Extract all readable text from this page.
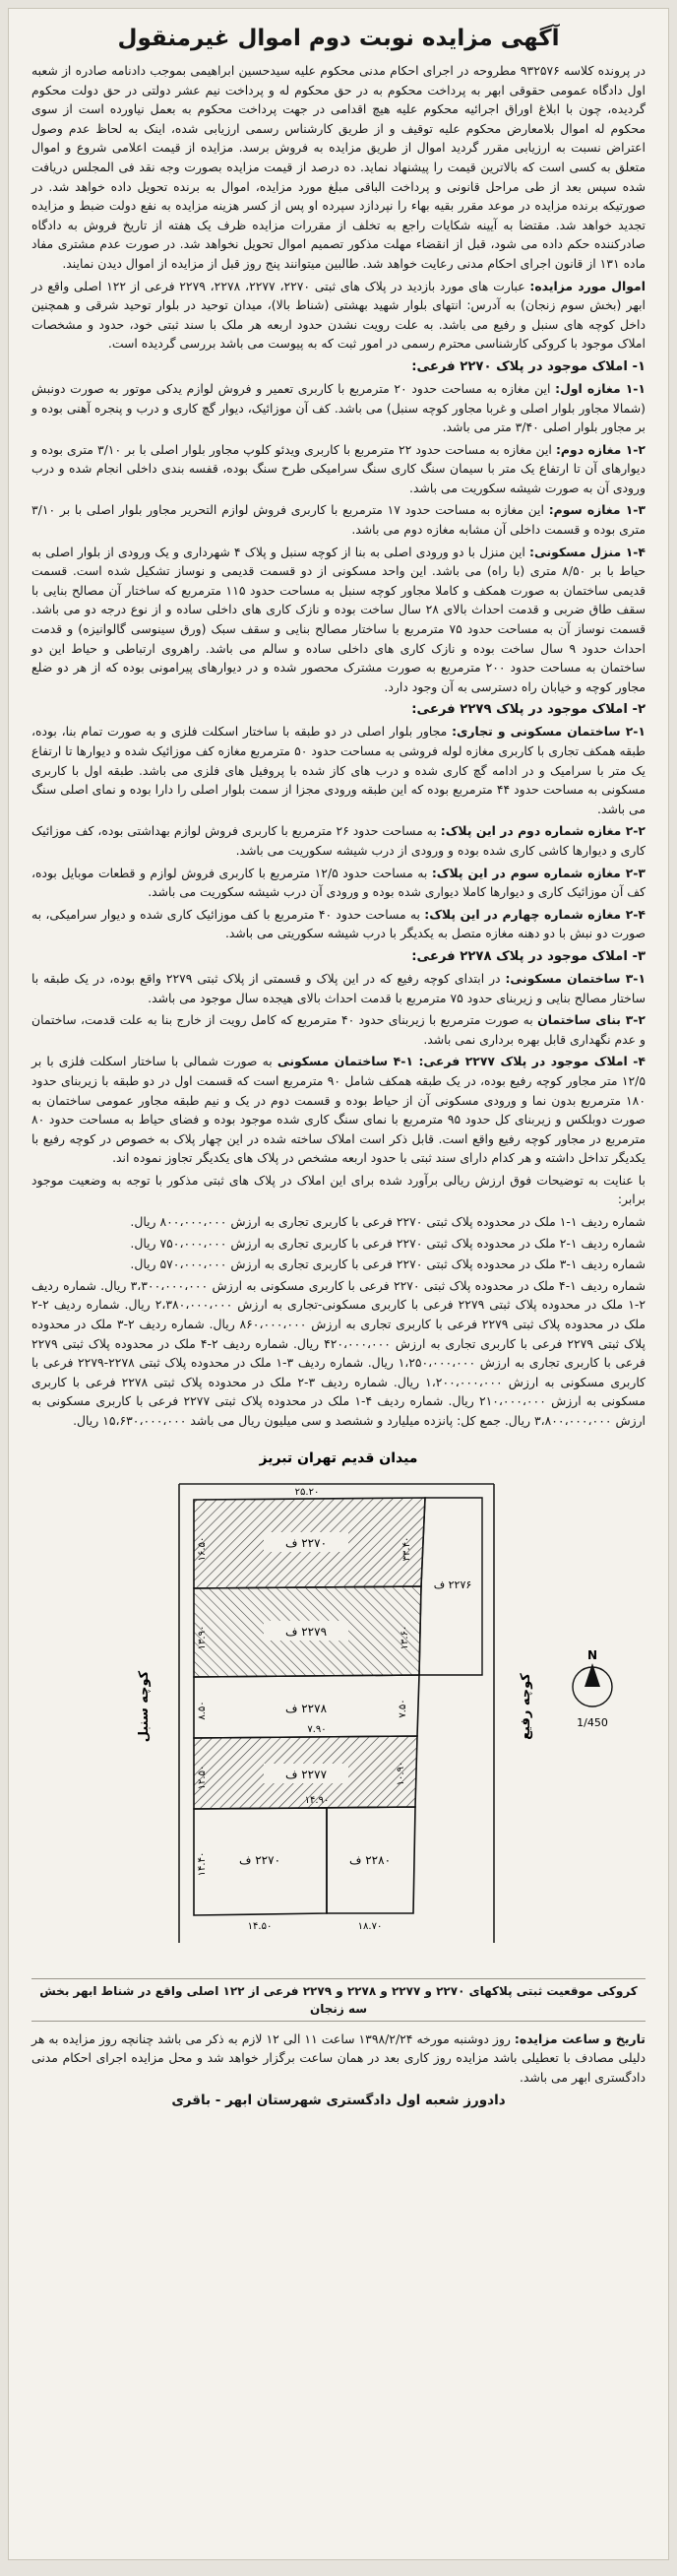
آگهی مزایده نوبت دوم اموال غیرمنقول

در پرونده کلاسه ۹۳۲۵۷۶ مطروحه در اجرای احکام مدنی محکوم علیه سیدحسین ابراهیمی بموجب دادنامه صادره از شعبه اول دادگاه عمومی حقوقی ابهر به پرداخت محکوم به در حق محکوم له و پرداخت نیم عشر دولتی در حق دولت محکوم گردیده، چون با ابلاغ اوراق اجرائیه محکوم علیه هیچ اقدامی در جهت پرداخت محکوم به بعمل نیاورده است از سوی محکوم له اموال بلامعارض محکوم علیه توقیف و از طریق کارشناس رسمی ارزیابی شده، اینک به لحاظ عدم وصول اعتراض نسبت به ارزیابی مقرر گردید اموال از طریق مزایده به فروش برسد. مزایده از قیمت اعلامی شروع و اموال متعلق به کسی است که بالاترین قیمت را پیشنهاد نماید. ده درصد از قیمت مزایده بصورت وجه نقد فی المجلس دریافت شده سپس بعد از طی مراحل قانونی و پرداخت الباقی مبلغ مورد مزایده، اموال به برنده تحویل داده خواهد شد. در صورتیکه برنده مزایده در موعد مقرر بقیه بهاء را نپردازد سپرده او پس از کسر هزینه مزایده به نفع دولت ضبط و مزایده تجدید خواهد شد. مقتضا به آیینه شکایات راجع به تخلف از مقررات مزایده ظرف یک هفته از تاریخ فروش به دادگاه صادرکننده حکم داده می شود، قبل از انقضاء مهلت مذکور تصمیم اموال تحویل نخواهد شد. در صورت عدم مشتری مفاد ماده ۱۳۱ از قانون اجرای احکام مدنی رعایت خواهد شد. طالبین میتوانند پنج روز قبل از مزایده از اموال دیدن نمایند.

اموال مورد مزایده: عبارت های مورد بازدید در پلاک های ثبتی ۲۲۷۰، ۲۲۷۷، ۲۲۷۸، ۲۲۷۹ فرعی از ۱۲۲ اصلی واقع در ابهر (بخش سوم زنجان) به آدرس: انتهای بلوار شهید بهشتی (شناط بالا)، میدان توحید در بلوار توحید شرقی و همچنین داخل کوچه های سنبل و رفیع می باشد. به علت رویت نشدن حدود اربعه هر ملک با سند ثبتی خود، حدود و مشخصات املاک موجود با کروکی کارشناسی محترم رسمی در امور ثبت که به پیوست می باشد بررسی گردیده است.

۱- املاک موجود در پلاک ۲۲۷۰ فرعی:

۱-۱ مغازه اول: این مغازه به مساحت حدود ۲۰ مترمربع با کاربری تعمیر و فروش لوازم یدکی موتور به صورت دونبش (شمالا مجاور بلوار اصلی و غربا مجاور کوچه سنبل) می باشد. کف آن موزائیک، دیوار گچ کاری و درب و پنجره آهنی بوده و بر مجاور بلوار اصلی ۳/۴۰ متر می باشد.

۱-۲ مغازه دوم: این مغازه به مساحت حدود ۲۲ مترمربع با کاربری ویدئو کلوپ مجاور بلوار اصلی با بر ۳/۱۰ متری بوده و دیوارهای آن تا ارتفاع یک متر با سیمان سنگ کاری سنگ سرامیکی طرح سنگ بوده، قفسه بندی داخلی انجام شده و درب ورودی آن به صورت شیشه سکوریت می باشد.

۱-۳ مغازه سوم: این مغازه به مساحت حدود ۱۷ مترمربع با کاربری فروش لوازم التحریر مجاور بلوار اصلی با بر ۳/۱۰ متری بوده و قسمت داخلی آن مشابه مغازه دوم می باشد.

۱-۴ منزل مسکونی: این منزل با دو ورودی اصلی به بنا از کوچه سنبل و پلاک ۴ شهرداری و یک ورودی از بلوار اصلی به حیاط با بر ۸/۵۰ متری (با راه) می باشد. این واحد مسکونی از دو قسمت قدیمی و نوساز تشکیل شده است. قسمت قدیمی ساختمان به صورت همکف و کاملا مجاور کوچه سنبل به مساحت حدود ۱۱۵ مترمربع که ساختار آن مصالح بنایی با سقف طاق ضربی و قدمت احداث بالای ۲۸ سال ساخت بوده و نازک کاری های داخلی ساده و از نوع درجه دو می باشد. قسمت نوساز آن به مساحت حدود ۷۵ مترمربع با ساختار مصالح بنایی و سقف سبک (ورق سینوسی گالوانیزه) و قدمت احداث حدود ۹ سال ساخت بوده و نازک کاری های داخلی ساده و سالم می باشد. راهروی ارتباطی و حیاط این دو ساختمان به مساحت حدود ۲۰۰ مترمربع به صورت مشترک محصور شده و در دیوارهای پیرامونی بوده که از هر دو ضلع مجاور کوچه و خیابان راه دسترسی به آن وجود دارد.

۲- املاک موجود در پلاک ۲۲۷۹ فرعی:

۲-۱ ساختمان مسکونی و تجاری: مجاور بلوار اصلی در دو طبقه با ساختار اسکلت فلزی و به صورت تمام بنا، بوده، طبقه همکف تجاری با کاربری مغازه لوله فروشی به مساحت حدود ۵۰ مترمربع مغازه کف موزائیک شده و دیوارها تا ارتفاع یک متر با سرامیک و در ادامه گچ کاری شده و درب های کاز شده با پروفیل های فلزی می باشد. طبقه اول با کاربری مسکونی به مساحت حدود ۴۴ مترمربع بوده که این طبقه ورودی مجزا از سمت بلوار اصلی را دارا بوده و نمای اصلی سنگ می باشد.

۲-۲ مغازه شماره دوم در این پلاک: به مساحت حدود ۲۶ مترمربع با کاربری فروش لوازم بهداشتی بوده، کف موزائیک کاری و دیوارها کاشی کاری شده بوده و ورودی از درب شیشه سکوریت می باشد.

۲-۳ مغازه شماره سوم در این پلاک: به مساحت حدود ۱۲/۵ مترمربع با کاربری فروش لوازم و قطعات موبایل بوده، کف آن موزائیک کاری و دیوارها کاملا دیواری شده بوده و ورودی آن درب شیشه سکوریت می باشد.

۲-۴ مغازه شماره چهارم در این پلاک: به مساحت حدود ۴۰ مترمربع با کف موزائیک کاری شده و دیوار سرامیکی، به صورت دو نبش با دو دهنه مغازه متصل به یکدیگر با درب شیشه سکوریتی می باشد.

۳- املاک موجود در پلاک ۲۲۷۸ فرعی:

۳-۱ ساختمان مسکونی: در ابتدای کوچه رفیع که در این پلاک و قسمتی از پلاک ثبتی ۲۲۷۹ واقع بوده، در یک طبقه با ساختار مصالح بنایی و زیربنای حدود ۷۵ مترمربع با قدمت احداث بالای هیجده سال موجود می باشد.

۳-۲ بنای ساختمان به صورت مترمربع با زیربنای حدود ۴۰ مترمربع که کامل رویت از خارج بنا به علت قدمت، ساختمان و عدم نگهداری قابل بهره برداری نمی باشد.

۴- املاک موجود در پلاک ۲۲۷۷ فرعی: ۱-۴ ساختمان مسکونی به صورت شمالی با ساختار اسکلت فلزی با بر ۱۲/۵ متر مجاور کوچه رفیع بوده، در یک طبقه همکف شامل ۹۰ مترمربع است که قسمت اول در دو طبقه با زیربنای حدود ۱۸۰ مترمربع بدون نما و ورودی مسکونی آن از حیاط بوده و قسمت دوم در یک و نیم طبقه مجاور عمومی ساختمان به صورت دوبلکس و زیربنای کل حدود ۹۵ مترمربع با نمای سنگ کاری شده موجود بوده و فضای حیاط به مساحت حدود ۸۰ مترمربع در مجاور کوچه رفیع واقع است. قابل ذکر است املاک ساخته شده در این چهار پلاک به خصوص در کوچه رفیع با یکدیگر تداخل داشته و هر کدام دارای سند ثبتی با حدود اربعه مشخص در پلاک های یکدیگر تجاوز نموده اند.

با عنایت به توضیحات فوق ارزش ریالی برآورد شده برای این املاک در پلاک های ثبتی مذکور با توجه به وضعیت موجود برابر:

شماره ردیف ۱-۱ ملک در محدوده پلاک ثبتی ۲۲۷۰ فرعی با کاربری تجاری به ارزش ۸۰۰،۰۰۰،۰۰۰ ریال.
شماره ردیف ۱-۲ ملک در محدوده پلاک ثبتی ۲۲۷۰ فرعی با کاربری تجاری به ارزش ۷۵۰،۰۰۰،۰۰۰ ریال.
شماره ردیف ۱-۳ ملک در محدوده پلاک ثبتی ۲۲۷۰ فرعی با کاربری تجاری به ارزش ۵۷۰،۰۰۰،۰۰۰ ریال.
شماره ردیف ۱-۴ ملک در محدوده پلاک ثبتی ۲۲۷۰ فرعی با کاربری مسکونی به ارزش ۳،۳۰۰،۰۰۰،۰۰۰ ریال. شماره ردیف ۲-۱ ملک در محدوده پلاک ثبتی ۲۲۷۹ فرعی با کاربری مسکونی-تجاری به ارزش ۲،۳۸۰،۰۰۰،۰۰۰ ریال. شماره ردیف ۲-۲ ملک در محدوده پلاک ثبتی ۲۲۷۹ فرعی با کاربری تجاری به ارزش ۸۶۰،۰۰۰،۰۰۰ ریال. شماره ردیف ۲-۳ ملک در محدوده پلاک ثبتی ۲۲۷۹ فرعی با کاربری تجاری به ارزش ۴۲۰،۰۰۰،۰۰۰ ریال. شماره ردیف ۲-۴ ملک در محدوده پلاک ثبتی ۲۲۷۹ فرعی با کاربری تجاری به ارزش ۱،۲۵۰،۰۰۰،۰۰۰ ریال. شماره ردیف ۳-۱ ملک در محدوده پلاک ثبتی ۲۲۷۸-۲۲۷۹ فرعی با کاربری مسکونی به ارزش ۱،۲۰۰،۰۰۰،۰۰۰ ریال. شماره ردیف ۳-۲ ملک در محدوده پلاک ثبتی ۲۲۷۸ فرعی با کاربری مسکونی به ارزش ۲۱۰،۰۰۰،۰۰۰ ریال. شماره ردیف ۴-۱ ملک در محدوده پلاک ثبتی ۲۲۷۷ فرعی با کاربری مسکونی به ارزش ۳،۸۰۰،۰۰۰،۰۰۰ ریال. جمع کل: پانزده میلیارد و ششصد و سی میلیون ریال می باشد ۱۵،۶۳۰،۰۰۰،۰۰۰ ریال.
میدان قدیم تهران تبریز
کوچه سنبل	کوچه رفیع
۲۲۷۰ ف
۲۲۷۹ ف
۲۲۷۸ ف
۲۲۷۷ ف
۲۲۷۰ ف	۲۲۸۰ ف
۲۲۷۶ ف
۲۵.۲۰
۱۶.۵۰
۱۳.۹۰
۸.۵۰
۱۲.۵۰
۱۴.۴۰
۱۴.۵۰	۱۸.۷۰
۳۳.۴۰
۱۳.۶۰
۷.۵۰
۱۰.۹۰
۷.۹۰
۱۴.۹۰
N
1/450
کروکی موقعیت ثبتی پلاکهای ۲۲۷۰ و ۲۲۷۷ و ۲۲۷۸ و ۲۲۷۹ فرعی از ۱۲۲ اصلی واقع در شناط ابهر بخش سه زنجان

تاریخ و ساعت مزایده: روز دوشنبه مورخه ۱۳۹۸/۲/۲۴ ساعت ۱۱ الی ۱۲ لازم به ذکر می باشد چنانچه روز مزایده به هر دلیلی مصادف با تعطیلی باشد مزایده روز کاری بعد در همان ساعت برگزار خواهد شد و محل مزایده اجرای احکام مدنی دادگستری ابهر می باشد.

دادورز شعبه اول دادگستری شهرستان ابهر - باقری
